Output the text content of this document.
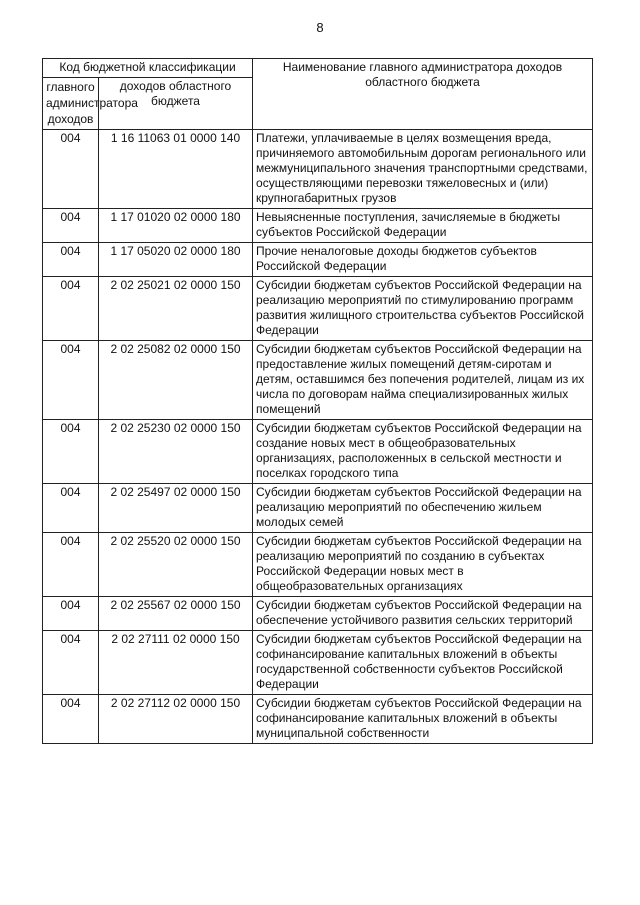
8
Код бюджетной классификации		Наименование главного администратора доходов областного бюджета
главного администратора доходов	доходов областного бюджета	
004	1 16 11063 01 0000 140	Платежи, уплачиваемые в целях возмещения вреда, причиняемого автомобильным дорогам регионального или межмуниципального значения транспортными средствами, осуществляющими перевозки тяжеловесных и (или) крупногабаритных грузов
004	1 17 01020 02 0000 180	Невыясненные поступления, зачисляемые в бюджеты субъектов Российской Федерации
004	1 17 05020 02 0000 180	Прочие неналоговые доходы бюджетов субъектов Российской Федерации
004	2 02 25021 02 0000 150	Субсидии бюджетам субъектов Российской Федерации на реализацию мероприятий по стимулированию программ развития жилищного строительства субъектов Российской Федерации
004	2 02 25082 02 0000 150	Субсидии бюджетам субъектов Российской Федерации на предоставление жилых помещений детям-сиротам и детям, оставшимся без попечения родителей, лицам из их числа по договорам найма специализированных жилых помещений
004	2 02 25230 02 0000 150	Субсидии бюджетам субъектов Российской Федерации на создание новых мест в общеобразовательных организациях, расположенных в сельской местности и поселках городского типа
004	2 02 25497 02 0000 150	Субсидии бюджетам субъектов Российской Федерации на реализацию мероприятий по обеспечению жильем молодых семей
004	2 02 25520 02 0000 150	Субсидии бюджетам субъектов Российской Федерации на реализацию мероприятий по созданию в субъектах Российской Федерации новых мест в общеобразовательных организациях
004	2 02 25567 02 0000 150	Субсидии бюджетам субъектов Российской Федерации на обеспечение устойчивого развития сельских территорий
004	2 02 27111 02 0000 150	Субсидии бюджетам субъектов Российской Федерации на софинансирование капитальных вложений в объекты государственной собственности субъектов Российской Федерации
004	2 02 27112 02 0000 150	Субсидии бюджетам субъектов Российской Федерации на софинансирование капитальных вложений в объекты муниципальной собственности
